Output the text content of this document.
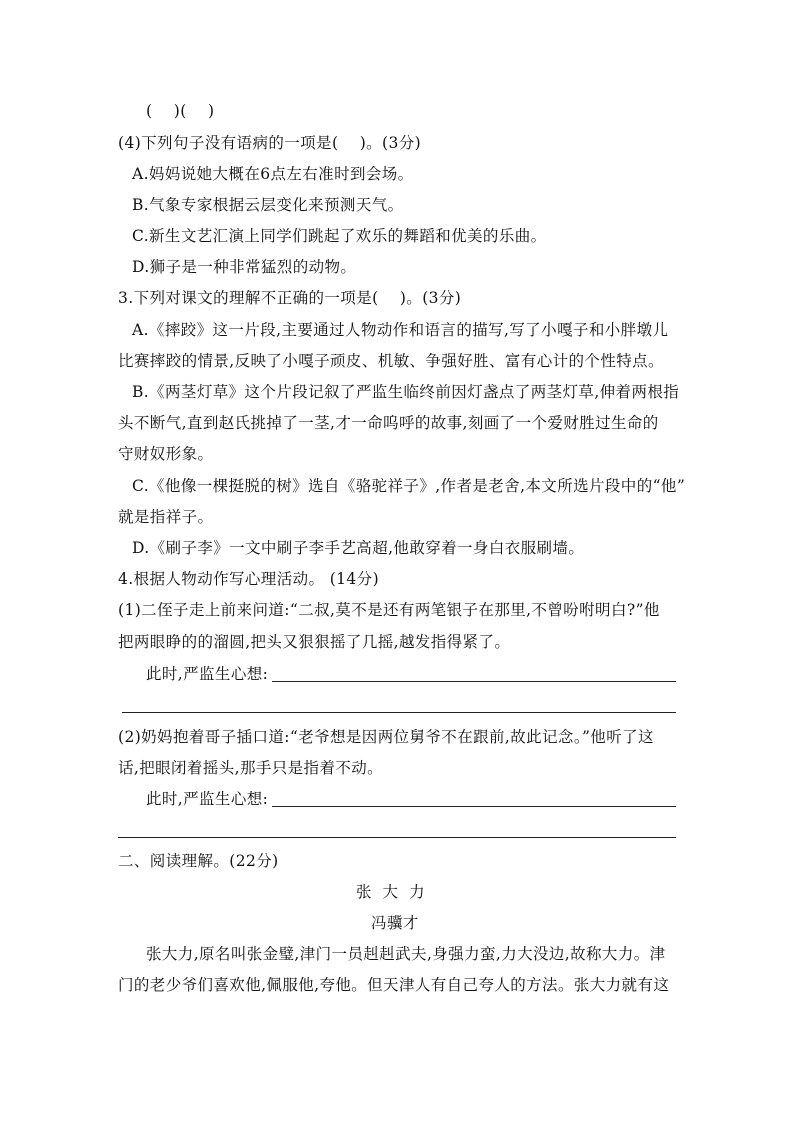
(    )(    )
(4)下列句子没有语病的一项是(    )。(3分)
A.妈妈说她大概在6点左右准时到会场。
B.气象专家根据云层变化来预测天气。
C.新生文艺汇演上同学们跳起了欢乐的舞蹈和优美的乐曲。
D.狮子是一种非常猛烈的动物。
3.下列对课文的理解不正确的一项是(    )。(3分)
A.《摔跤》这一片段,主要通过人物动作和语言的描写,写了小嘎子和小胖墩儿
比赛摔跤的情景,反映了小嘎子顽皮、机敏、争强好胜、富有心计的个性特点。
B.《两茎灯草》这个片段记叙了严监生临终前因灯盏点了两茎灯草,伸着两根指
头不断气,直到赵氏挑掉了一茎,才一命呜呼的故事,刻画了一个爱财胜过生命的
守财奴形象。
C.《他像一棵挺脱的树》选自《骆驼祥子》,作者是老舍,本文所选片段中的“他”
就是指祥子。
D.《刷子李》一文中刷子李手艺高超,他敢穿着一身白衣服刷墙。
4.根据人物动作写心理活动。 (14分)
(1)二侄子走上前来问道:“二叔,莫不是还有两笔银子在那里,不曾吩咐明白?”他
把两眼睁的的溜圆,把头又狠狠摇了几摇,越发指得紧了。
此时,严监生心想:
(2)奶妈抱着哥子插口道:“老爷想是因两位舅爷不在跟前,故此记念。”他听了这
话,把眼闭着摇头,那手只是指着不动。
此时,严监生心想:
二、阅读理解。(22分)
张  大  力
冯骥才
张大力,原名叫张金璧,津门一员赳赳武夫,身强力蛮,力大没边,故称大力。津
门的老少爷们喜欢他,佩服他,夸他。但天津人有自己夸人的方法。张大力就有这
